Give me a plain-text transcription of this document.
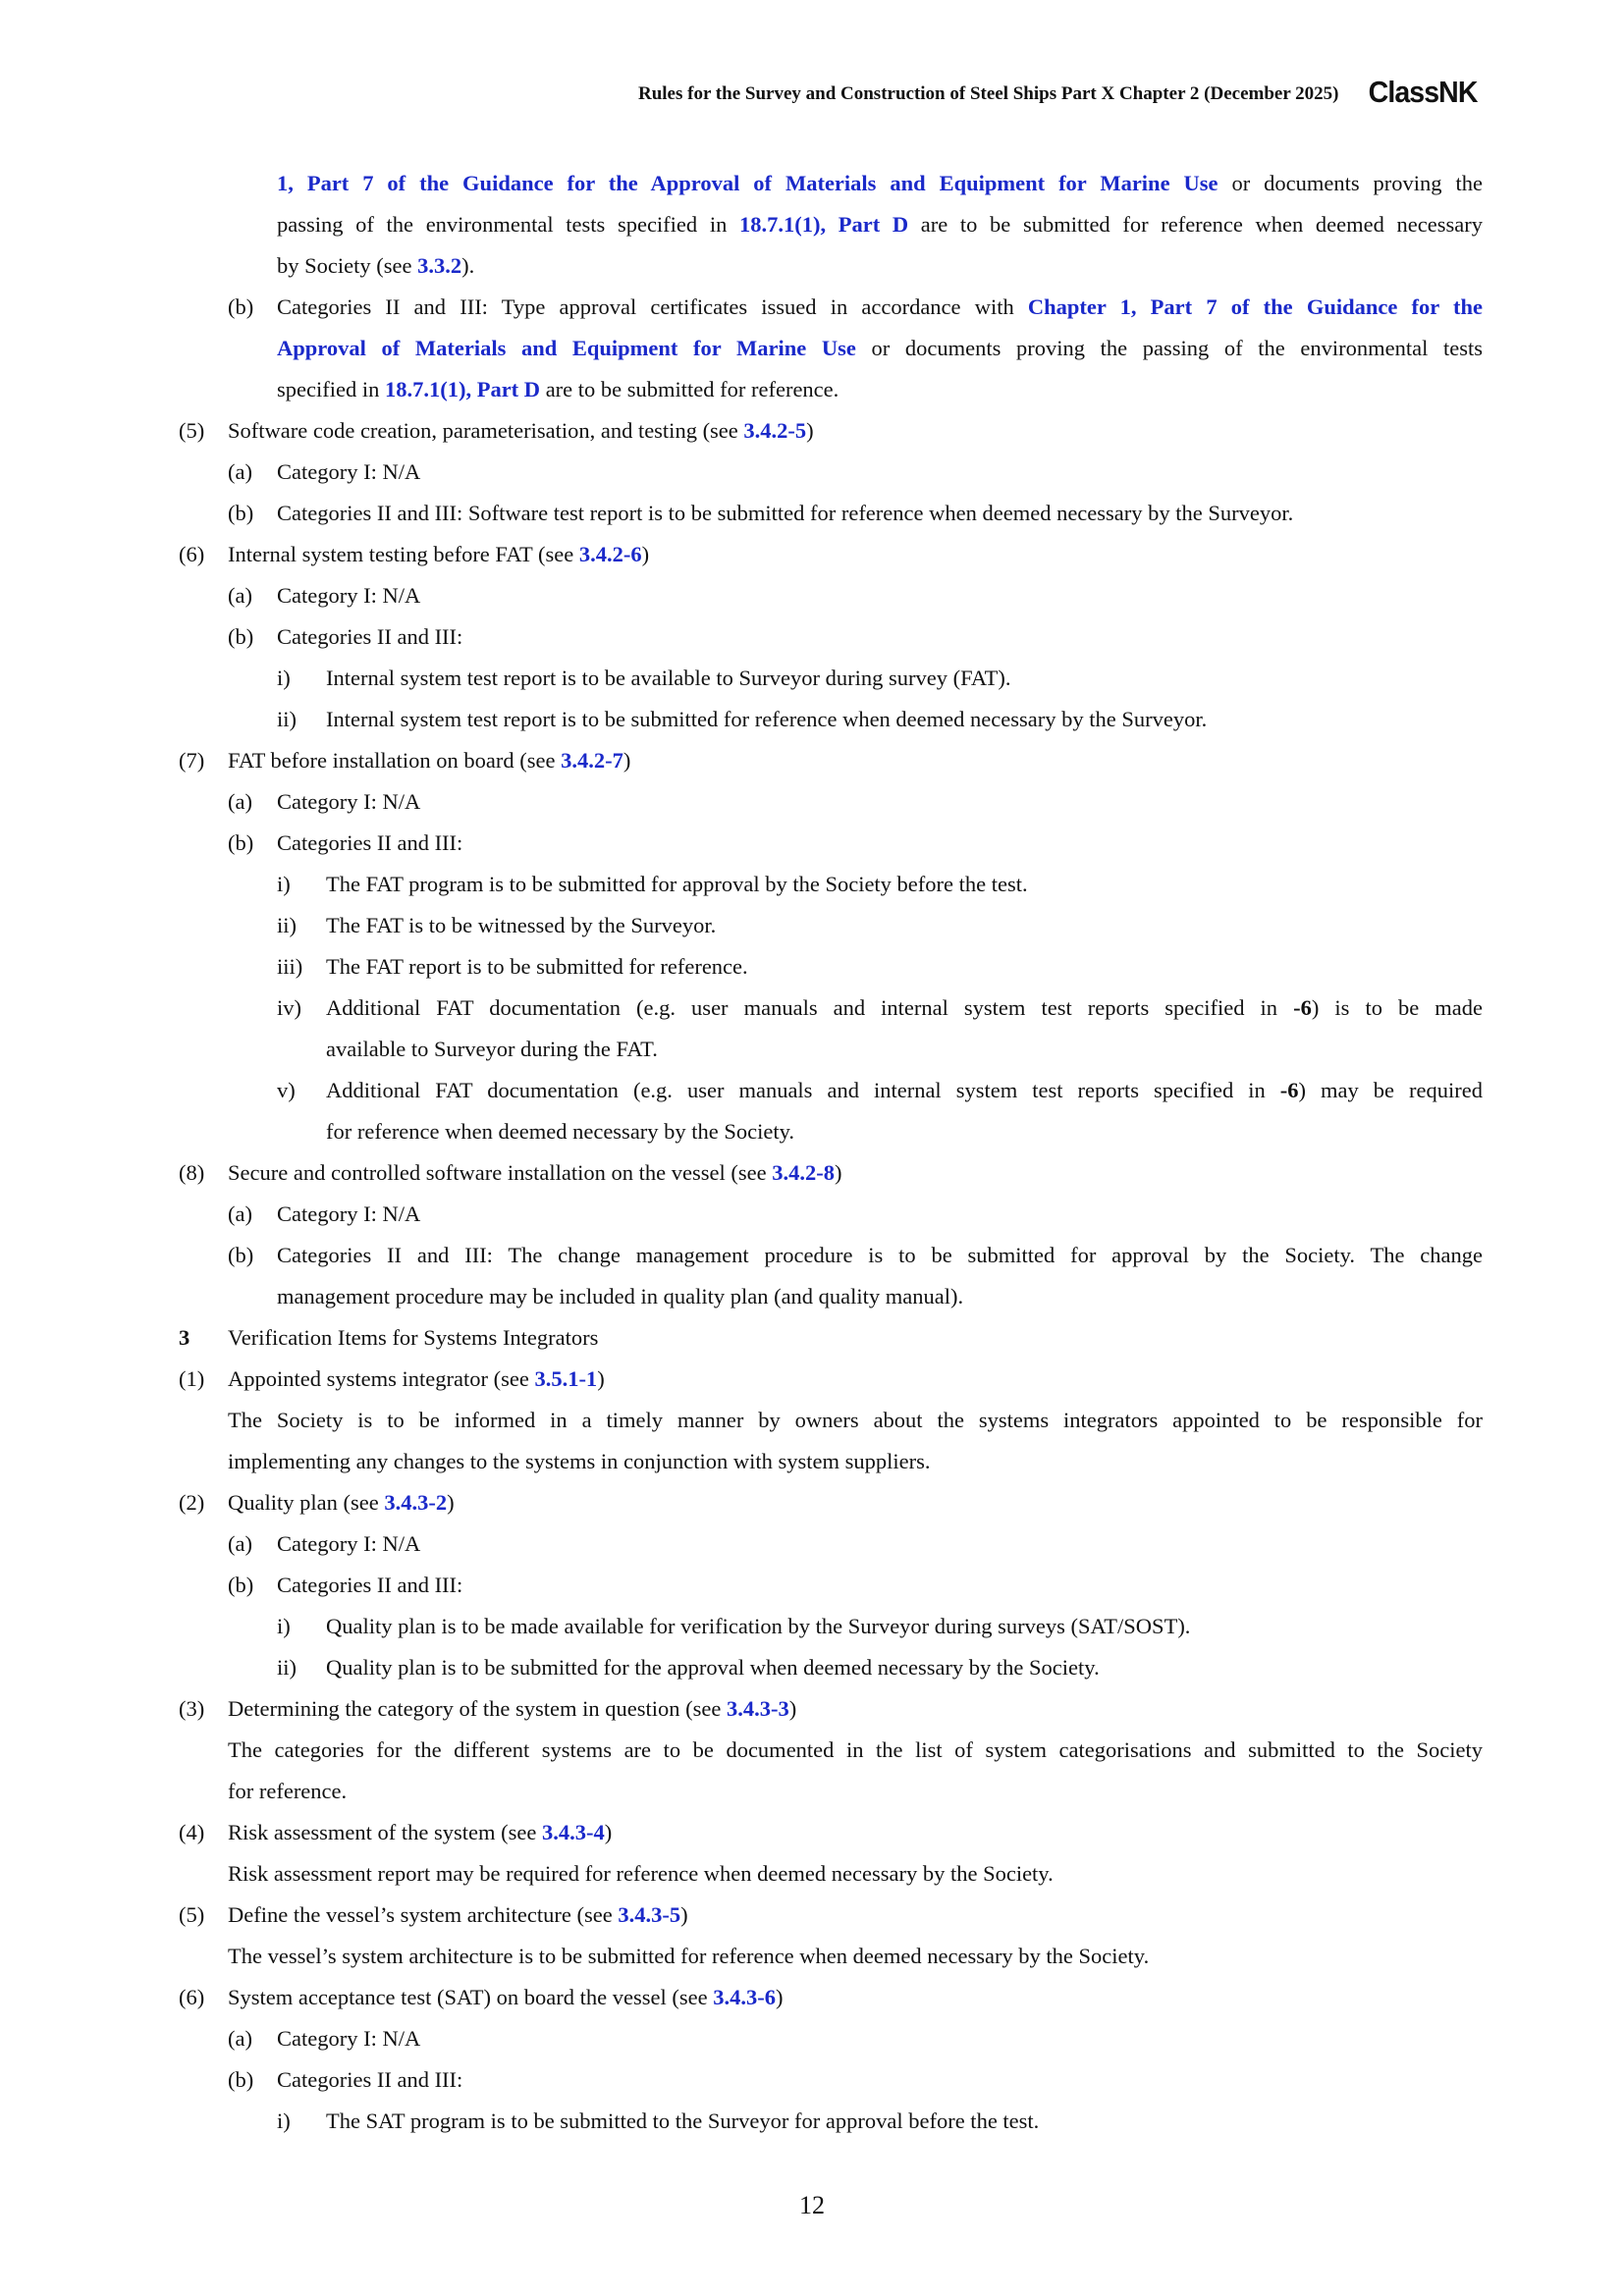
Rules for the Survey and Construction of Steel Ships Part X Chapter 2 (December 2025) ClassNK
1, Part 7 of the Guidance for the Approval of Materials and Equipment for Marine Use or documents proving the
passing of the environmental tests specified in 18.7.1(1), Part D are to be submitted for reference when deemed necessary
by Society (see 3.3.2).
(b) Categories II and III: Type approval certificates issued in accordance with Chapter 1, Part 7 of the Guidance for the
Approval of Materials and Equipment for Marine Use or documents proving the passing of the environmental tests
specified in 18.7.1(1), Part D are to be submitted for reference.
(5) Software code creation, parameterisation, and testing (see 3.4.2-5)
(a) Category I: N/A
(b) Categories II and III: Software test report is to be submitted for reference when deemed necessary by the Surveyor.
(6) Internal system testing before FAT (see 3.4.2-6)
(a) Category I: N/A
(b) Categories II and III:
i) Internal system test report is to be available to Surveyor during survey (FAT).
ii) Internal system test report is to be submitted for reference when deemed necessary by the Surveyor.
(7) FAT before installation on board (see 3.4.2-7)
(a) Category I: N/A
(b) Categories II and III:
i) The FAT program is to be submitted for approval by the Society before the test.
ii) The FAT is to be witnessed by the Surveyor.
iii) The FAT report is to be submitted for reference.
iv) Additional FAT documentation (e.g. user manuals and internal system test reports specified in -6) is to be made
available to Surveyor during the FAT.
v) Additional FAT documentation (e.g. user manuals and internal system test reports specified in -6) may be required
for reference when deemed necessary by the Society.
(8) Secure and controlled software installation on the vessel (see 3.4.2-8)
(a) Category I: N/A
(b) Categories II and III: The change management procedure is to be submitted for approval by the Society. The change
management procedure may be included in quality plan (and quality manual).
3 Verification Items for Systems Integrators
(1) Appointed systems integrator (see 3.5.1-1)
The Society is to be informed in a timely manner by owners about the systems integrators appointed to be responsible for
implementing any changes to the systems in conjunction with system suppliers.
(2) Quality plan (see 3.4.3-2)
(a) Category I: N/A
(b) Categories II and III:
i) Quality plan is to be made available for verification by the Surveyor during surveys (SAT/SOST).
ii) Quality plan is to be submitted for the approval when deemed necessary by the Society.
(3) Determining the category of the system in question (see 3.4.3-3)
The categories for the different systems are to be documented in the list of system categorisations and submitted to the Society
for reference.
(4) Risk assessment of the system (see 3.4.3-4)
Risk assessment report may be required for reference when deemed necessary by the Society.
(5) Define the vessel’s system architecture (see 3.4.3-5)
The vessel’s system architecture is to be submitted for reference when deemed necessary by the Society.
(6) System acceptance test (SAT) on board the vessel (see 3.4.3-6)
(a) Category I: N/A
(b) Categories II and III:
i) The SAT program is to be submitted to the Surveyor for approval before the test.
12
